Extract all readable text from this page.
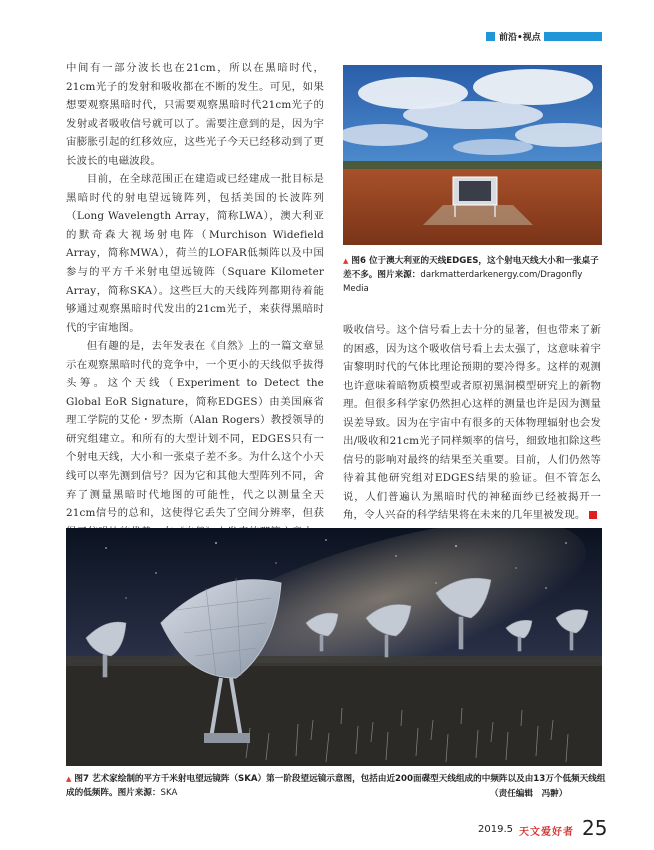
前沿•视点

中间有一部分波长也在21cm，所以在黑暗时代，21cm光子的发射和吸收都在不断的发生。可见，如果想要观察黑暗时代，只需要观察黑暗时代21cm光子的发射或者吸收信号就可以了。需要注意到的是，因为宇宙膨胀引起的红移效应，这些光子今天已经移动到了更长波长的电磁波段。

目前，在全球范围正在建造或已经建成一批目标是黑暗时代的射电望远镜阵列，包括美国的长波阵列（Long Wavelength Array，简称LWA），澳大利亚的默奇森大视场射电阵（Murchison Widefield Array，简称MWA），荷兰的LOFAR低频阵以及中国参与的平方千米射电望远镜阵（Square Kilometer Array，简称SKA）。这些巨大的天线阵列都期待着能够通过观察黑暗时代发出的21cm光子，来获得黑暗时代的宇宙地图。

但有趣的是，去年发表在《自然》上的一篇文章显示在观察黑暗时代的竞争中，一个更小的天线似乎拔得头筹。这个天线（Experiment to Detect the Global EoR Signature，简称EDGES）由美国麻省理工学院的艾伦・罗杰斯（Alan Rogers）教授领导的研究组建立。和所有的大型计划不同，EDGES只有一个射电天线，大小和一张桌子差不多。为什么这个小天线可以率先测到信号？因为它和其他大型阵列不同，舍弃了测量黑暗时代地图的可能性，代之以测量全天21cm信号的总和，这使得它丢失了空间分辨率，但获

▲ 图6 位于澳大利亚的天线EDGES，这个射电天线大小和一张桌子差不多。图片来源：darkmatterdarkenergy.com/Dragonfly Media

吸收信号。这个信号看上去十分的显著，但也带来了新的困惑，因为这个吸收信号看上去太强了，这意味着宇宙黎明时代的气体比理论预期的要冷得多。这样的观测也许意味着暗物质模型或者原初黑洞模型研究上的新物理。但很多科学家仍然担心这样的测量也许是因为测量误差导致。因为在宇宙中有很多的天体物理辐射也会发出/吸收和21cm光子同样频率的信号，细致地扣除这些信号的影响对最终的结果至关重要。目前，人们仍然等待着其他研究组对EDGES结果的验证。但不管怎么说，人们普遍认为黑暗时代的神秘面纱已经被揭开一角，令人兴奋的科学结果将在未来的几年里被发现。

▲ 图7 艺术家绘制的平方千米射电望远镜阵（SKA）第一阶段望远镜示意图，包括由近200面碟型天线组成的中频阵以及由13万个低频天线组成的低频阵。图片来源：SKA	（责任编辑　冯翀）
2019.5 天文爱好者 25
